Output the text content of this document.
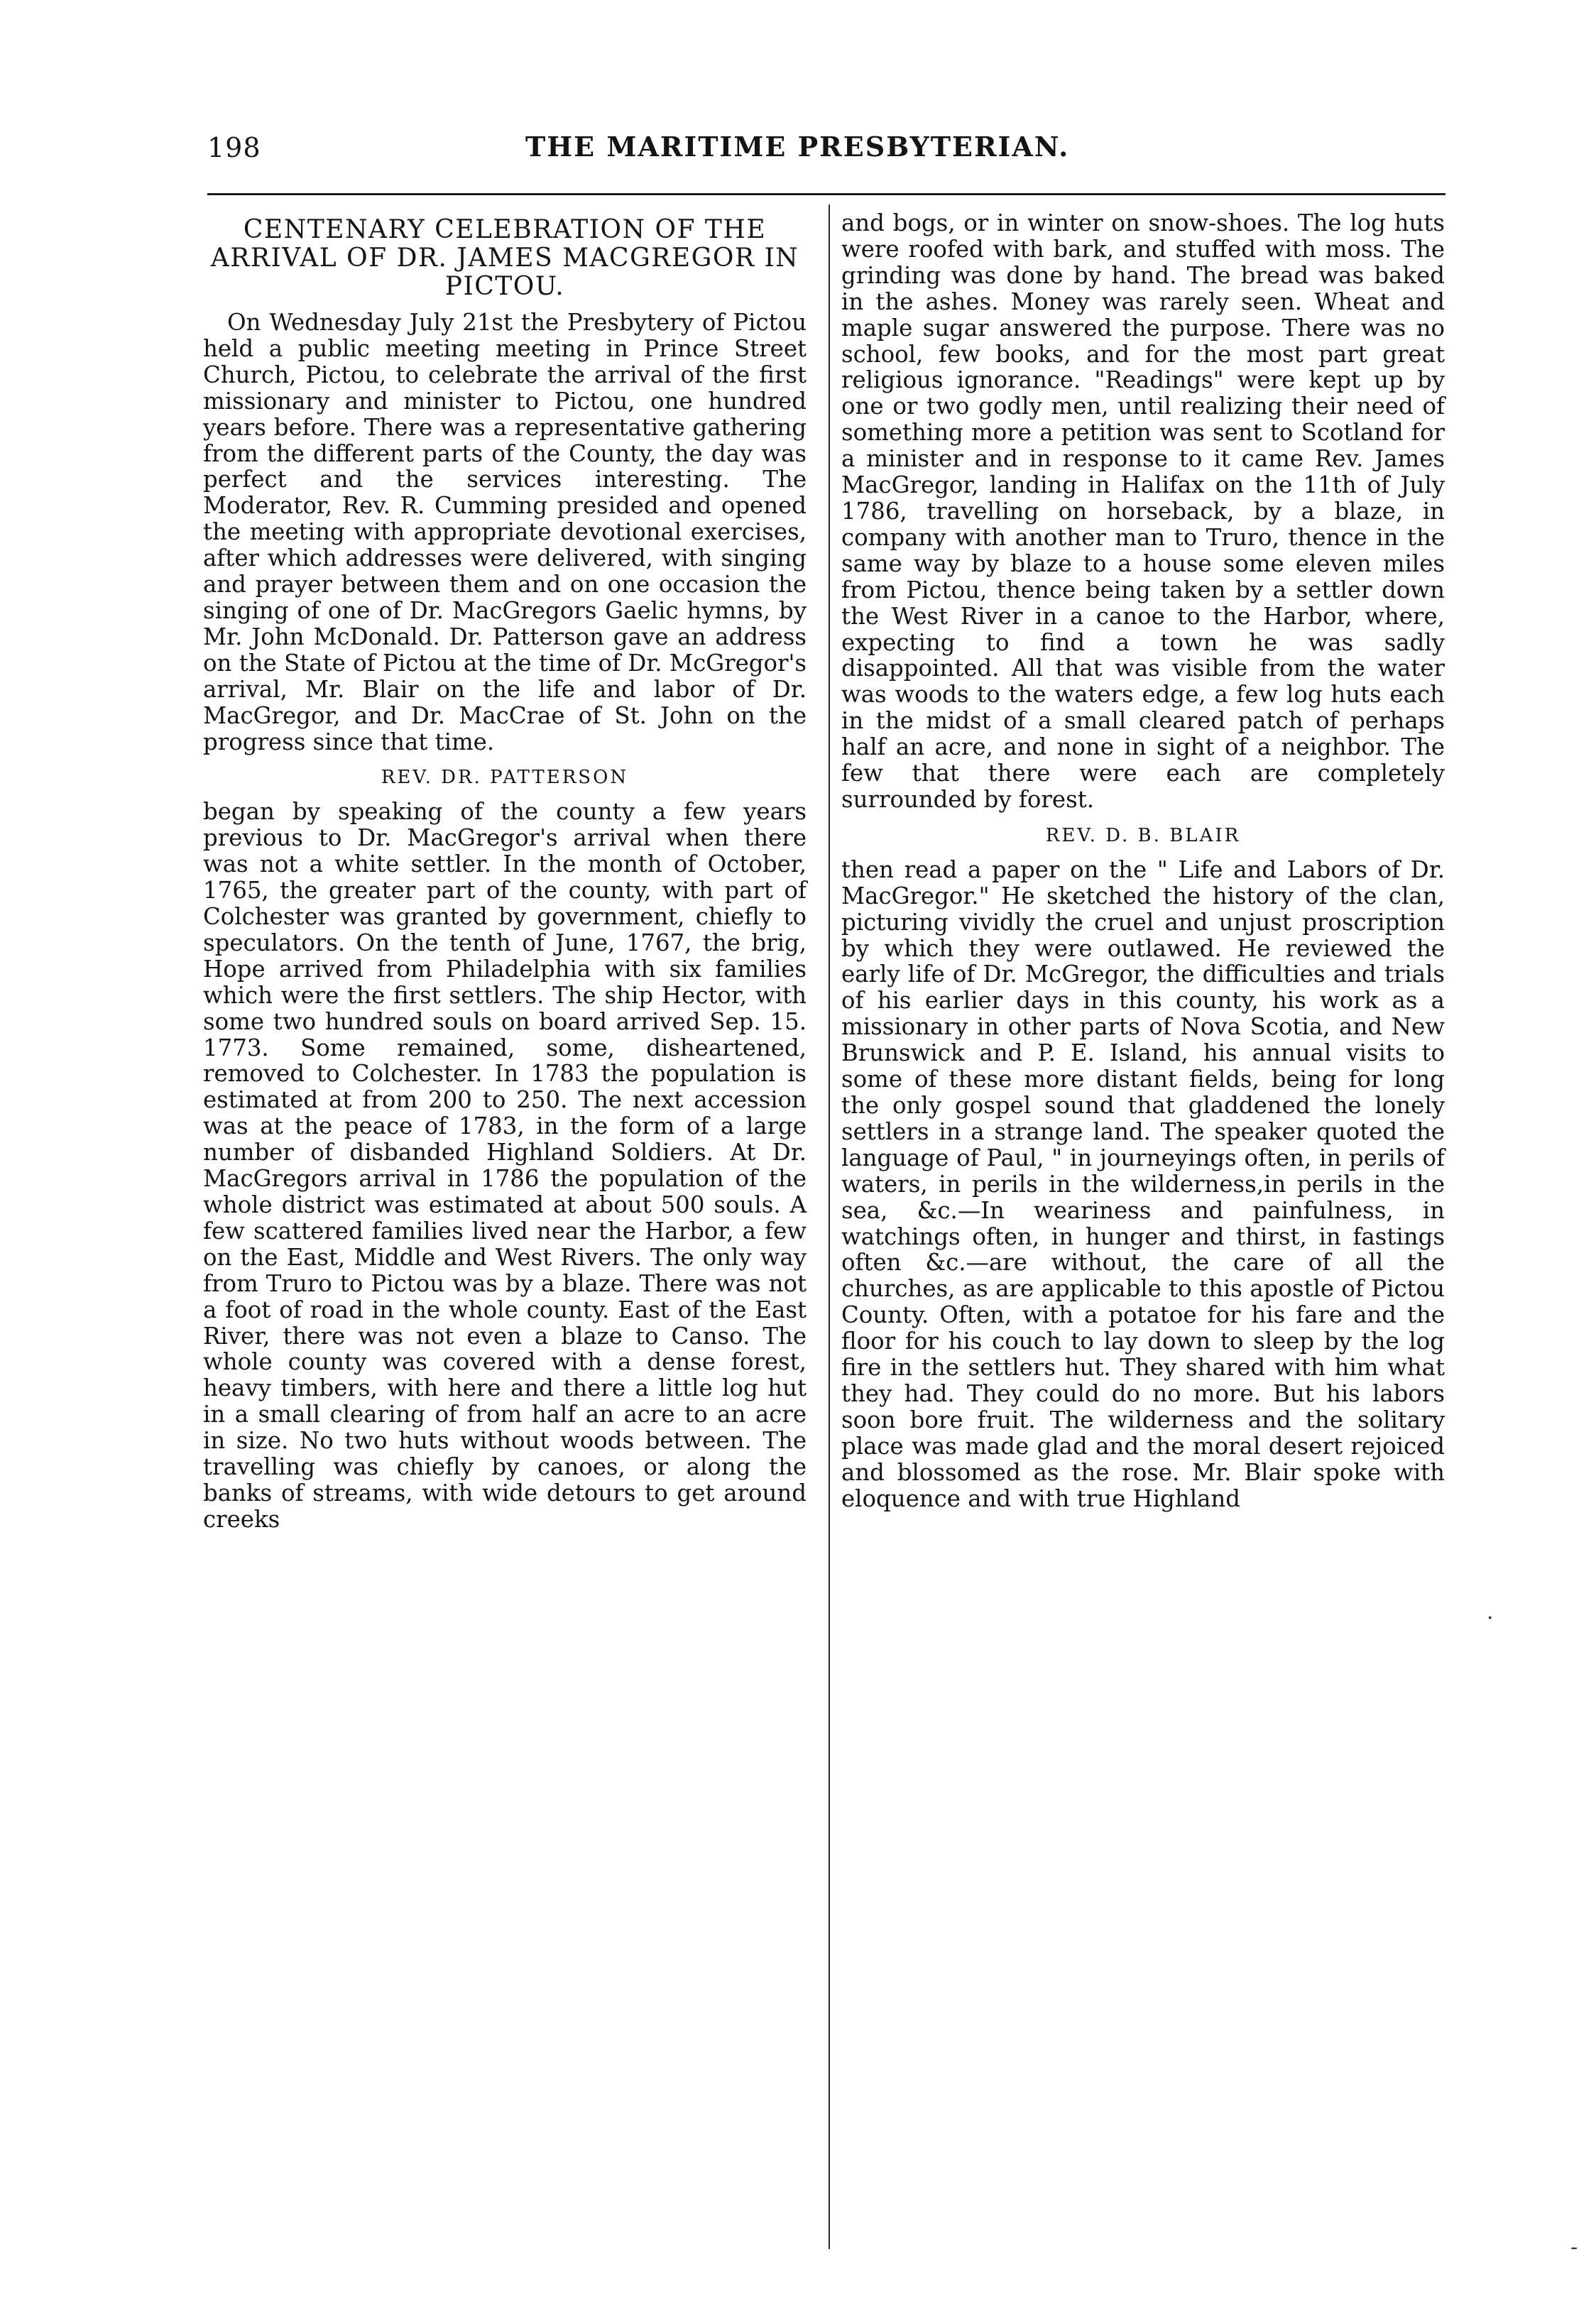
198	THE MARITIME PRESBYTERIAN.

CENTENARY CELEBRATION OF THE ARRIVAL OF DR. JAMES MACGREGOR IN PICTOU.

On Wednesday July 21st the Presbytery of Pictou held a public meeting meeting in Prince Street Church, Pictou, to celebrate the arrival of the first missionary and minister to Pictou, one hundred years before. There was a representative gathering from the different parts of the County, the day was perfect and the services interesting. The Moderator, Rev. R. Cumming presided and opened the meeting with appropriate devotional exercises, after which addresses were delivered, with singing and prayer between them and on one occasion the singing of one of Dr. MacGregors Gaelic hymns, by Mr. John McDonald. Dr. Patterson gave an address on the State of Pictou at the time of Dr. McGregor's arrival, Mr. Blair on the life and labor of Dr. MacGregor, and Dr. MacCrae of St. John on the progress since that time.

REV. DR. PATTERSON

began by speaking of the county a few years previous to Dr. MacGregor's arrival when there was not a white settler. In the month of October, 1765, the greater part of the county, with part of Colchester was granted by government, chiefly to speculators. On the tenth of June, 1767, the brig, Hope arrived from Philadelphia with six families which were the first settlers. The ship Hector, with some two hundred souls on board arrived Sep. 15. 1773. Some remained, some, disheartened, removed to Colchester. In 1783 the population is estimated at from 200 to 250. The next accession was at the peace of 1783, in the form of a large number of disbanded Highland Soldiers. At Dr. MacGregors arrival in 1786 the population of the whole district was estimated at about 500 souls. A few scattered families lived near the Harbor, a few on the East, Middle and West Rivers. The only way from Truro to Pictou was by a blaze. There was not a foot of road in the whole county. East of the East River, there was not even a blaze to Canso. The whole county was covered with a dense forest, heavy timbers, with here and there a little log hut in a small clearing of from half an acre to an acre in size. No two huts without woods between. The travelling was chiefly by canoes, or along the banks of streams, with wide detours to get around creeks

and bogs, or in winter on snow-shoes. The log huts were roofed with bark, and stuffed with moss. The grinding was done by hand. The bread was baked in the ashes. Money was rarely seen. Wheat and maple sugar answered the purpose. There was no school, few books, and for the most part great religious ignorance. "Readings" were kept up by one or two godly men, until realizing their need of something more a petition was sent to Scotland for a minister and in response to it came Rev. James MacGregor, landing in Halifax on the 11th of July 1786, travelling on horseback, by a blaze, in company with another man to Truro, thence in the same way by blaze to a house some eleven miles from Pictou, thence being taken by a settler down the West River in a canoe to the Harbor, where, expecting to find a town he was sadly disappointed. All that was visible from the water was woods to the waters edge, a few log huts each in the midst of a small cleared patch of perhaps half an acre, and none in sight of a neighbor. The few that there were each are completely surrounded by forest.

REV. D. B. BLAIR

then read a paper on the " Life and Labors of Dr. MacGregor." He sketched the history of the clan, picturing vividly the cruel and unjust proscription by which they were outlawed. He reviewed the early life of Dr. McGregor, the difficulties and trials of his earlier days in this county, his work as a missionary in other parts of Nova Scotia, and New Brunswick and P. E. Island, his annual visits to some of these more distant fields, being for long the only gospel sound that gladdened the lonely settlers in a strange land. The speaker quoted the language of Paul, " in journeyings often, in perils of waters, in perils in the wilderness,in perils in the sea, &c.—In weariness and painfulness, in watchings often, in hunger and thirst, in fastings often &c.—are without, the care of all the churches, as are applicable to this apostle of Pictou County. Often, with a potatoe for his fare and the floor for his couch to lay down to sleep by the log fire in the settlers hut. They shared with him what they had. They could do no more. But his labors soon bore fruit. The wilderness and the solitary place was made glad and the moral desert rejoiced and blossomed as the rose. Mr. Blair spoke with eloquence and with true Highland

·
-
